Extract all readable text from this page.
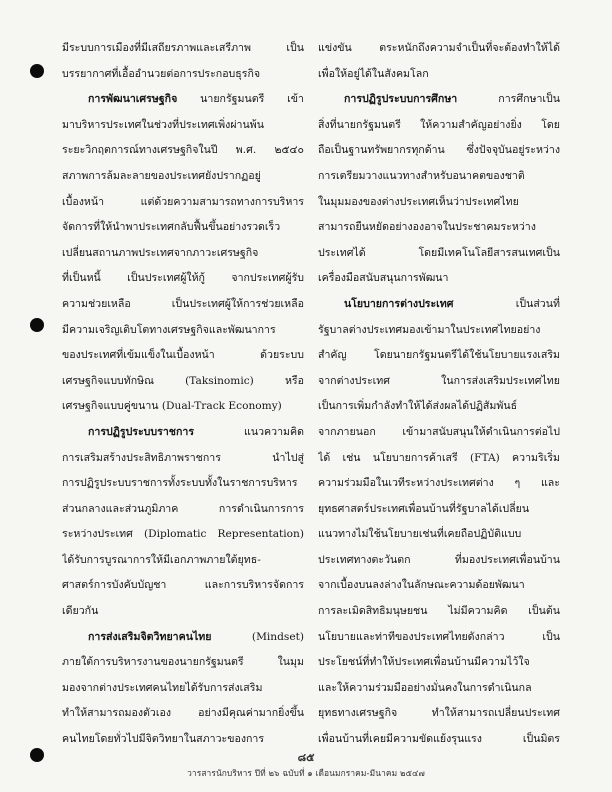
มีระบบการเมืองที่มีเสถียรภาพและเสรีภาพ เป็น
บรรยากาศที่เอื้ออำนวยต่อการประกอบธุรกิจ
การพัฒนาเศรษฐกิจ นายกรัฐมนตรี เข้า
มาบริหารประเทศในช่วงที่ประเทศเพิ่งผ่านพ้น
ระยะวิกฤตการณ์ทางเศรษฐกิจในปี พ.ศ. ๒๕๔๐
สภาพการล้มละลายของประเทศยังปรากฏอยู่
เบื้องหน้า แต่ด้วยความสามารถทางการบริหาร
จัดการที่ให้นำพาประเทศกลับฟื้นขึ้นอย่างรวดเร็ว
เปลี่ยนสถานภาพประเทศจากภาวะเศรษฐกิจ
ที่เป็นหนี้ เป็นประเทศผู้ให้กู้ จากประเทศผู้รับ
ความช่วยเหลือ เป็นประเทศผู้ให้การช่วยเหลือ
มีความเจริญเติบโตทางเศรษฐกิจและพัฒนาการ
ของประเทศที่เข้มแข็งในเบื้องหน้า ด้วยระบบ
เศรษฐกิจแบบทักษิณ (Taksinomic) หรือ
เศรษฐกิจแบบคู่ขนาน (Dual-Track Economy)
การปฏิรูประบบราชการ แนวความคิด
การเสริมสร้างประสิทธิภาพราชการ นำไปสู่
การปฏิรูประบบราชการทั้งระบบทั้งในราชการบริหาร
ส่วนกลางและส่วนภูมิภาค การดำเนินการการ
ระหว่างประเทศ (Diplomatic Representation)
ได้รับการบูรณาการให้มีเอกภาพภายใต้ยุทธ-
ศาสตร์การบังคับบัญชา และการบริหารจัดการ
เดียวกัน
การส่งเสริมจิตวิทยาคนไทย (Mindset)
ภายใต้การบริหารงานของนายกรัฐมนตรี ในมุม
มองจากต่างประเทศคนไทยได้รับการส่งเสริม
ทำให้สามารถมองตัวเอง อย่างมีคุณค่ามากยิ่งขึ้น
คนไทยโดยทั่วไปมีจิตวิทยาในสภาวะของการ
แข่งขัน ตระหนักถึงความจำเป็นที่จะต้องทำให้ได้
เพื่อให้อยู่ได้ในสังคมโลก
การปฏิรูประบบการศึกษา การศึกษาเป็น
สิ่งที่นายกรัฐมนตรี ให้ความสำคัญอย่างยิ่ง โดย
ถือเป็นฐานทรัพยากรทุกด้าน ซึ่งปัจจุบันอยู่ระหว่าง
การเตรียมวางแนวทางสำหรับอนาคตของชาติ
ในมุมมองของต่างประเทศเห็นว่าประเทศไทย
สามารถยืนหยัดอย่างองอาจในประชาคมระหว่าง
ประเทศได้ โดยมีเทคโนโลยีสารสนเทศเป็น
เครื่องมือสนับสนุนการพัฒนา
นโยบายการต่างประเทศ เป็นส่วนที่
รัฐบาลต่างประเทศมองเข้ามาในประเทศไทยอย่าง
สำคัญ โดยนายกรัฐมนตรีได้ใช้นโยบายแรงเสริม
จากต่างประเทศ ในการส่งเสริมประเทศไทย
เป็นการเพิ่มกำลังทำให้ได้ส่งผลได้ปฏิสัมพันธ์
จากภายนอก เข้ามาสนับสนุนให้ดำเนินการต่อไป
ได้ เช่น นโยบายการค้าเสรี (FTA) ความริเริ่ม
ความร่วมมือในเวทีระหว่างประเทศต่าง ๆ และ
ยุทธศาสตร์ประเทศเพื่อนบ้านที่รัฐบาลได้เปลี่ยน
แนวทางไม่ใช้นโยบายเช่นที่เคยถือปฏิบัติแบบ
ประเทศทางตะวันตก ที่มองประเทศเพื่อนบ้าน
จากเบื้องบนลงล่างในลักษณะความด้อยพัฒนา
การละเมิดสิทธิมนุษยชน ไม่มีความคิด เป็นต้น
นโยบายและท่าทีของประเทศไทยดังกล่าว เป็น
ประโยชน์ที่ทำให้ประเทศเพื่อนบ้านมีความไว้ใจ
และให้ความร่วมมืออย่างมั่นคงในการดำเนินกล
ยุทธทางเศรษฐกิจ ทำให้สามารถเปลี่ยนประเทศ
เพื่อนบ้านที่เคยมีความขัดแย้งรุนแรง เป็นมิตร
๘๕
วารสารนักบริหาร ปีที่ ๒๖ ฉบับที่ ๑ เดือนมกราคม-มีนาคม ๒๕๔๗
